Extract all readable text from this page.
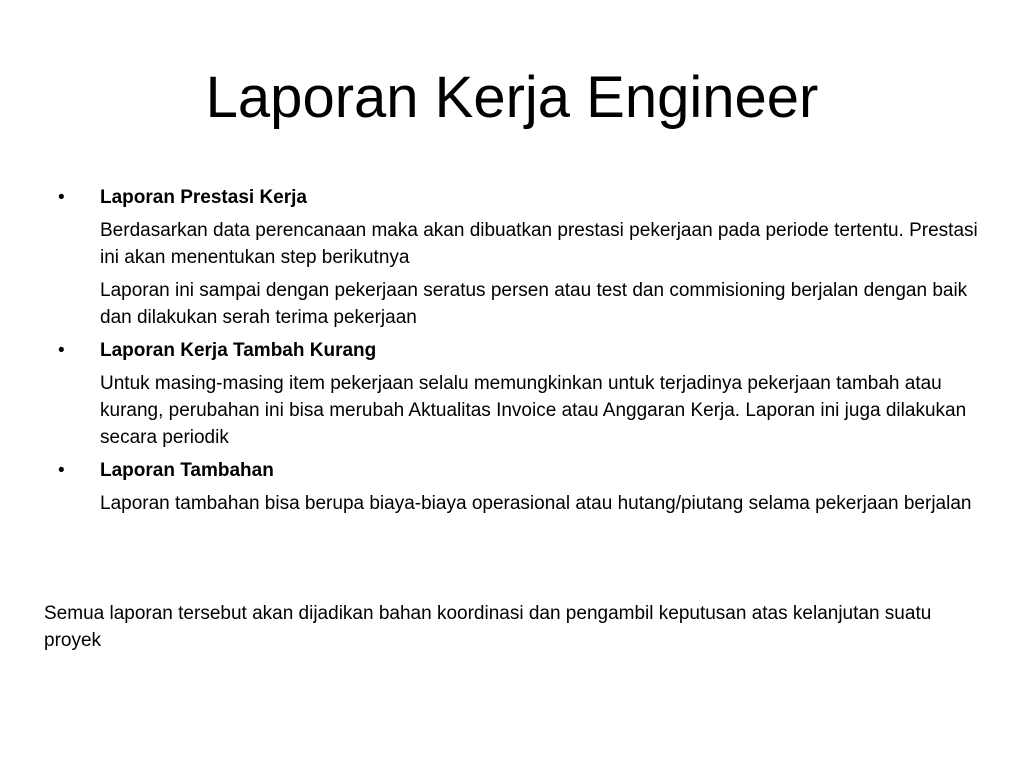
Laporan Kerja Engineer
•	Laporan Prestasi Kerja
Berdasarkan data perencanaan maka akan dibuatkan prestasi pekerjaan pada periode tertentu. Prestasi ini akan menentukan step berikutnya
Laporan ini sampai dengan pekerjaan seratus persen atau test dan commisioning berjalan dengan baik dan dilakukan serah terima pekerjaan
•	Laporan Kerja Tambah Kurang
Untuk masing-masing item pekerjaan selalu memungkinkan untuk terjadinya pekerjaan tambah atau kurang, perubahan ini bisa merubah Aktualitas Invoice atau Anggaran Kerja. Laporan ini juga dilakukan secara periodik
•	Laporan Tambahan
Laporan tambahan bisa berupa biaya-biaya operasional atau hutang/piutang selama pekerjaan berjalan

Semua laporan tersebut akan dijadikan bahan koordinasi dan pengambil keputusan atas kelanjutan suatu proyek
